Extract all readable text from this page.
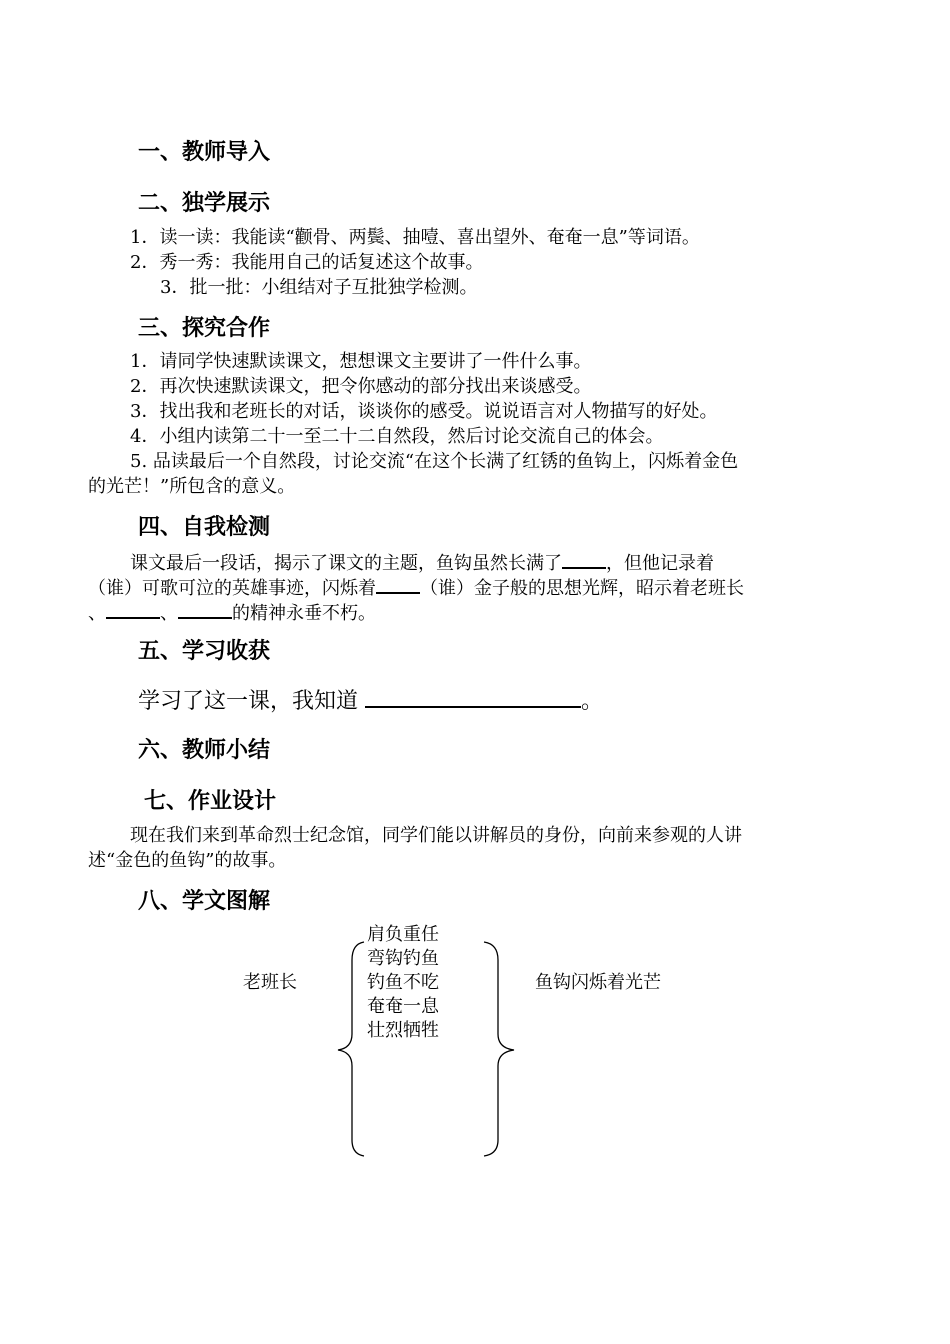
一、教师导入
二、独学展示
1．读一读：我能读“颧骨、两鬓、抽噎、喜出望外、奄奄一息”等词语。
2．秀一秀：我能用自己的话复述这个故事。
3．批一批：小组结对子互批独学检测。
三、探究合作
1．请同学快速默读课文，想想课文主要讲了一件什么事。
2．再次快速默读课文，把令你感动的部分找出来谈感受。
3．找出我和老班长的对话，谈谈你的感受。说说语言对人物描写的好处。
4．小组内读第二十一至二十二自然段，然后讨论交流自己的体会。
5. 品读最后一个自然段，讨论交流“在这个长满了红锈的鱼钩上，闪烁着金色
的光芒！”所包含的意义。
四、自我检测
课文最后一段话，揭示了课文的主题，鱼钩虽然长满了 ，但他记录着
（谁）可歌可泣的英雄事迹，闪烁着 （谁）金子般的思想光辉，昭示着老班长
、	、	的精神永垂不朽。
五、学习收获
学习了这一课，我知道	。
六、教师小结
七、作业设计
现在我们来到革命烈士纪念馆，同学们能以讲解员的身份，向前来参观的人讲
述“金色的鱼钩”的故事。
八、学文图解
老班长
肩负重任
弯钩钓鱼
钓鱼不吃
奄奄一息
壮烈牺牲
鱼钩闪烁着光芒
